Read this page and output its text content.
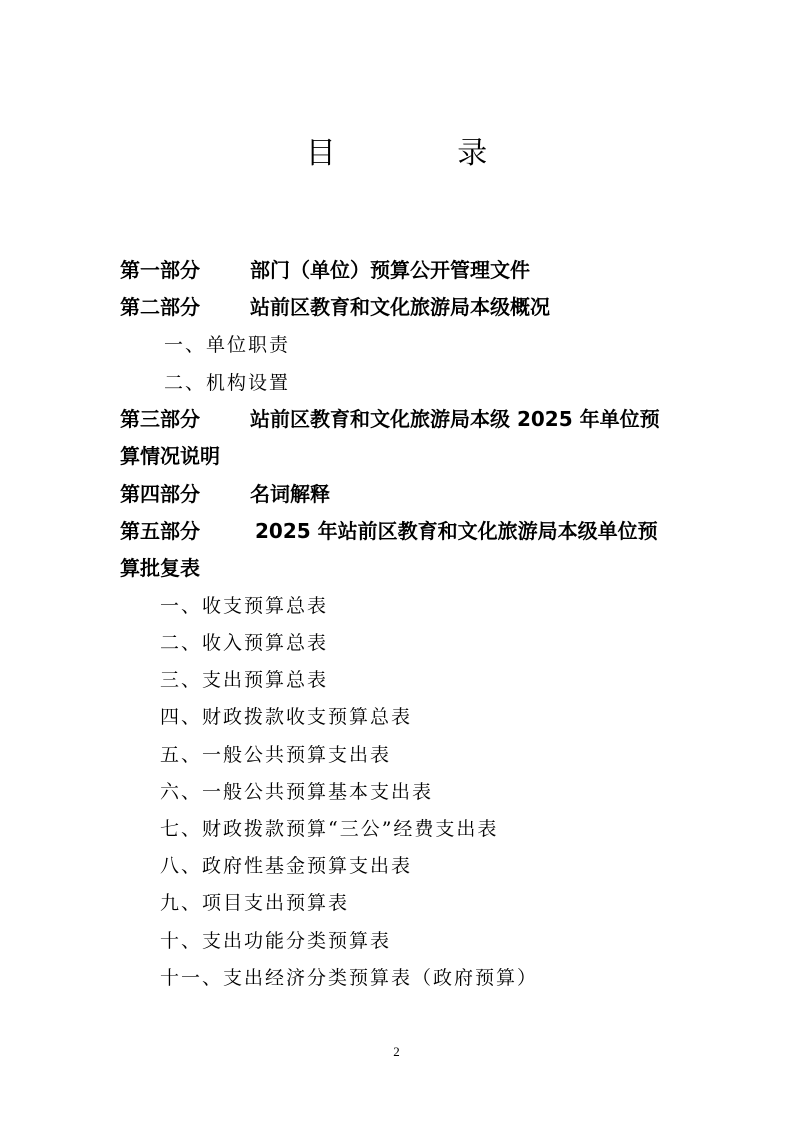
目 录
第一部分	部门（单位）预算公开管理文件
第二部分	站前区教育和文化旅游局本级概况
一、单位职责
二、机构设置
第三部分	站前区教育和文化旅游局本级 2025 年单位预
算情况说明
第四部分	名词解释
第五部分	2025 年站前区教育和文化旅游局本级单位预
算批复表
一、收支预算总表
二、收入预算总表
三、支出预算总表
四、财政拨款收支预算总表
五、一般公共预算支出表
六、一般公共预算基本支出表
七、财政拨款预算“三公”经费支出表
八、政府性基金预算支出表
九、项目支出预算表
十、支出功能分类预算表
十一、支出经济分类预算表（政府预算）
2
